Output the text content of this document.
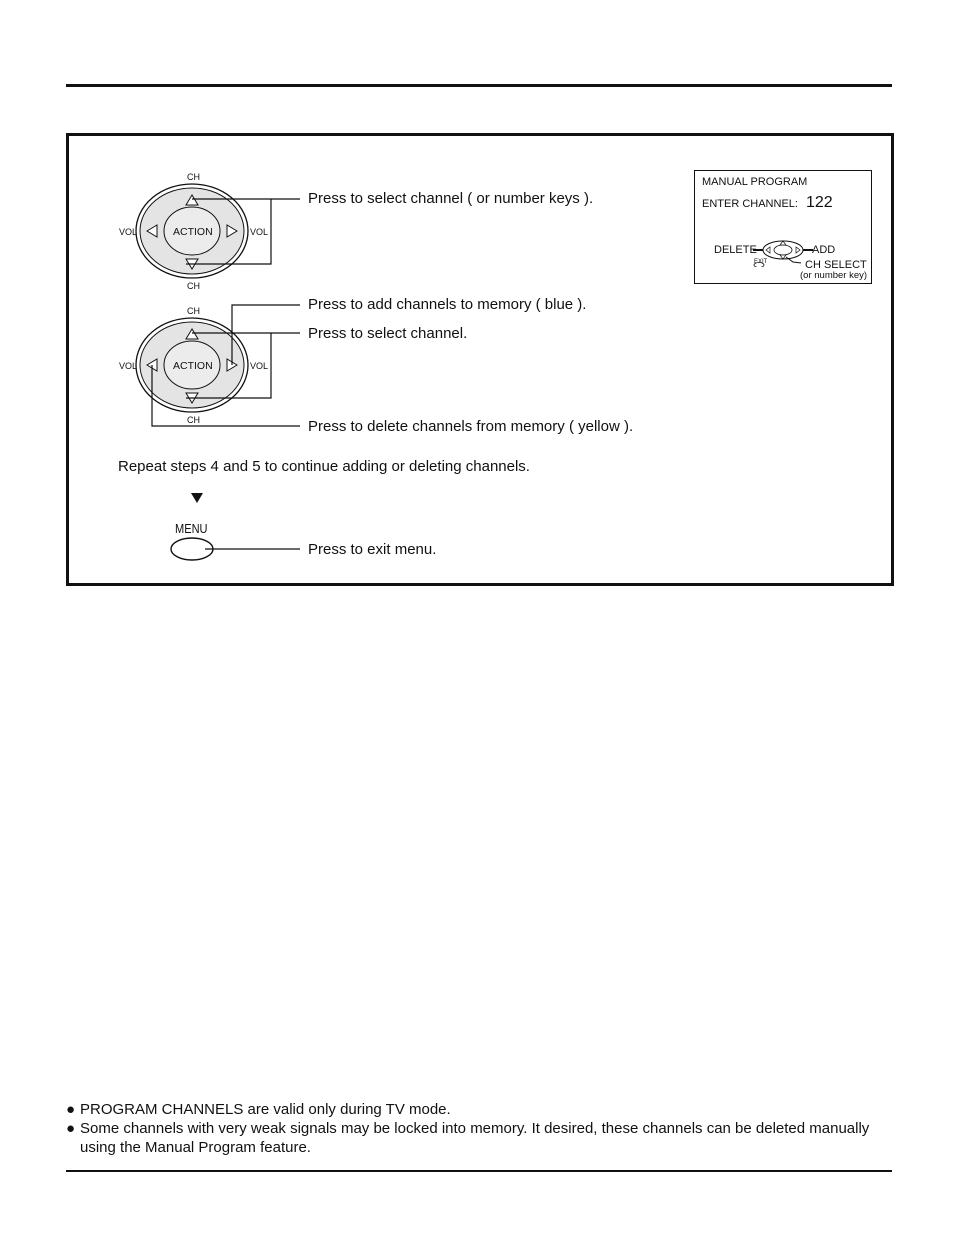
CH
CH
VOL	VOL
ACTION
CH
CH
VOL	VOL
ACTION
Press to select channel ( or number keys ).
Press to add channels to memory ( blue ).
Press to select channel.
Press to delete channels from memory ( yellow ).
Repeat steps 4 and 5 to continue adding or deleting channels.
MENU
Press to exit menu.
MANUAL PROGRAM
ENTER CHANNEL: 122
DELETE	ADD
EXIT	CH SELECT
(or number key)
● PROGRAM CHANNELS are valid only during TV mode.
● Some channels with very weak signals may be locked into memory. It desired, these channels can be deleted manually using the Manual Program feature.
